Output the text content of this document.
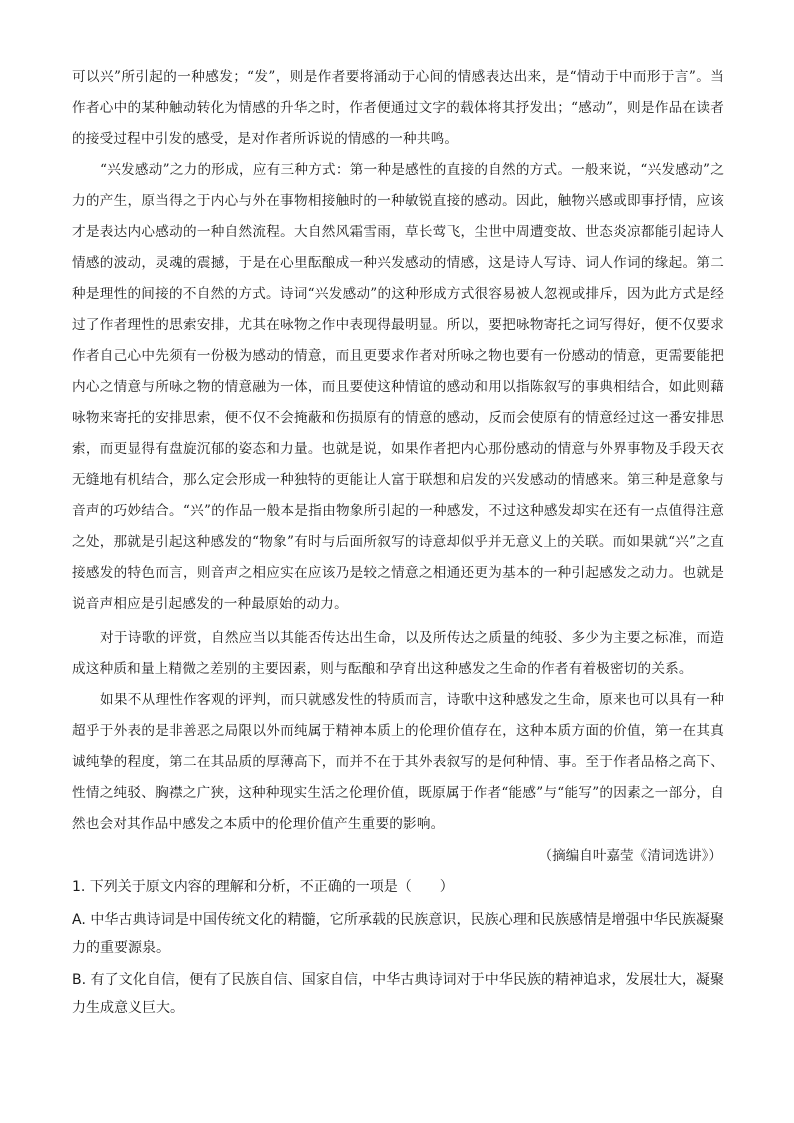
可以兴”所引起的一种感发；“发”，则是作者要将涌动于心间的情感表达出来，是“情动于中而形于言”。当作者心中的某种触动转化为情感的升华之时，作者便通过文字的载体将其抒发出；“感动”，则是作品在读者的接受过程中引发的感受，是对作者所诉说的情感的一种共鸣。

“兴发感动”之力的形成，应有三种方式：第一种是感性的直接的自然的方式。一般来说，“兴发感动”之力的产生，原当得之于内心与外在事物相接触时的一种敏锐直接的感动。因此，触物兴感或即事抒情，应该才是表达内心感动的一种自然流程。大自然风霜雪雨，草长莺飞，尘世中周遭变故、世态炎凉都能引起诗人情感的波动，灵魂的震撼，于是在心里酝酿成一种兴发感动的情感，这是诗人写诗、词人作词的缘起。第二种是理性的间接的不自然的方式。诗词“兴发感动”的这种形成方式很容易被人忽视或排斥，因为此方式是经过了作者理性的思索安排，尤其在咏物之作中表现得最明显。所以，要把咏物寄托之词写得好，便不仅要求作者自己心中先须有一份极为感动的情意，而且更要求作者对所咏之物也要有一份感动的情意，更需要能把内心之情意与所咏之物的情意融为一体，而且要使这种情谊的感动和用以指陈叙写的事典相结合，如此则藉咏物来寄托的安排思索，便不仅不会掩蔽和伤损原有的情意的感动，反而会使原有的情意经过这一番安排思索，而更显得有盘旋沉郁的姿态和力量。也就是说，如果作者把内心那份感动的情意与外界事物及手段天衣无缝地有机结合，那么定会形成一种独特的更能让人富于联想和启发的兴发感动的情感来。第三种是意象与音声的巧妙结合。“兴”的作品一般本是指由物象所引起的一种感发，不过这种感发却实在还有一点值得注意之处，那就是引起这种感发的“物象”有时与后面所叙写的诗意却似乎并无意义上的关联。而如果就“兴”之直接感发的特色而言，则音声之相应实在应该乃是较之情意之相通还更为基本的一种引起感发之动力。也就是说音声相应是引起感发的一种最原始的动力。

对于诗歌的评赏，自然应当以其能否传达出生命，以及所传达之质量的纯驳、多少为主要之标准，而造成这种质和量上精微之差别的主要因素，则与酝酿和孕育出这种感发之生命的作者有着极密切的关系。

如果不从理性作客观的评判，而只就感发性的特质而言，诗歌中这种感发之生命，原来也可以具有一种超乎于外表的是非善恶之局限以外而纯属于精神本质上的伦理价值存在，这种本质方面的价值，第一在其真诚纯挚的程度，第二在其品质的厚薄高下，而并不在于其外表叙写的是何种情、事。至于作者品格之高下、性情之纯驳、胸襟之广狭，这种种现实生活之伦理价值，既原属于作者“能感”与“能写”的因素之一部分，自然也会对其作品中感发之本质中的伦理价值产生重要的影响。

（摘编自叶嘉莹《清词选讲》）

1. 下列关于原文内容的理解和分析，不正确的一项是（　　）

A. 中华古典诗词是中国传统文化的精髓，它所承载的民族意识，民族心理和民族感情是增强中华民族凝聚力的重要源泉。

B. 有了文化自信，便有了民族自信、国家自信，中华古典诗词对于中华民族的精神追求，发展壮大，凝聚力生成意义巨大。
